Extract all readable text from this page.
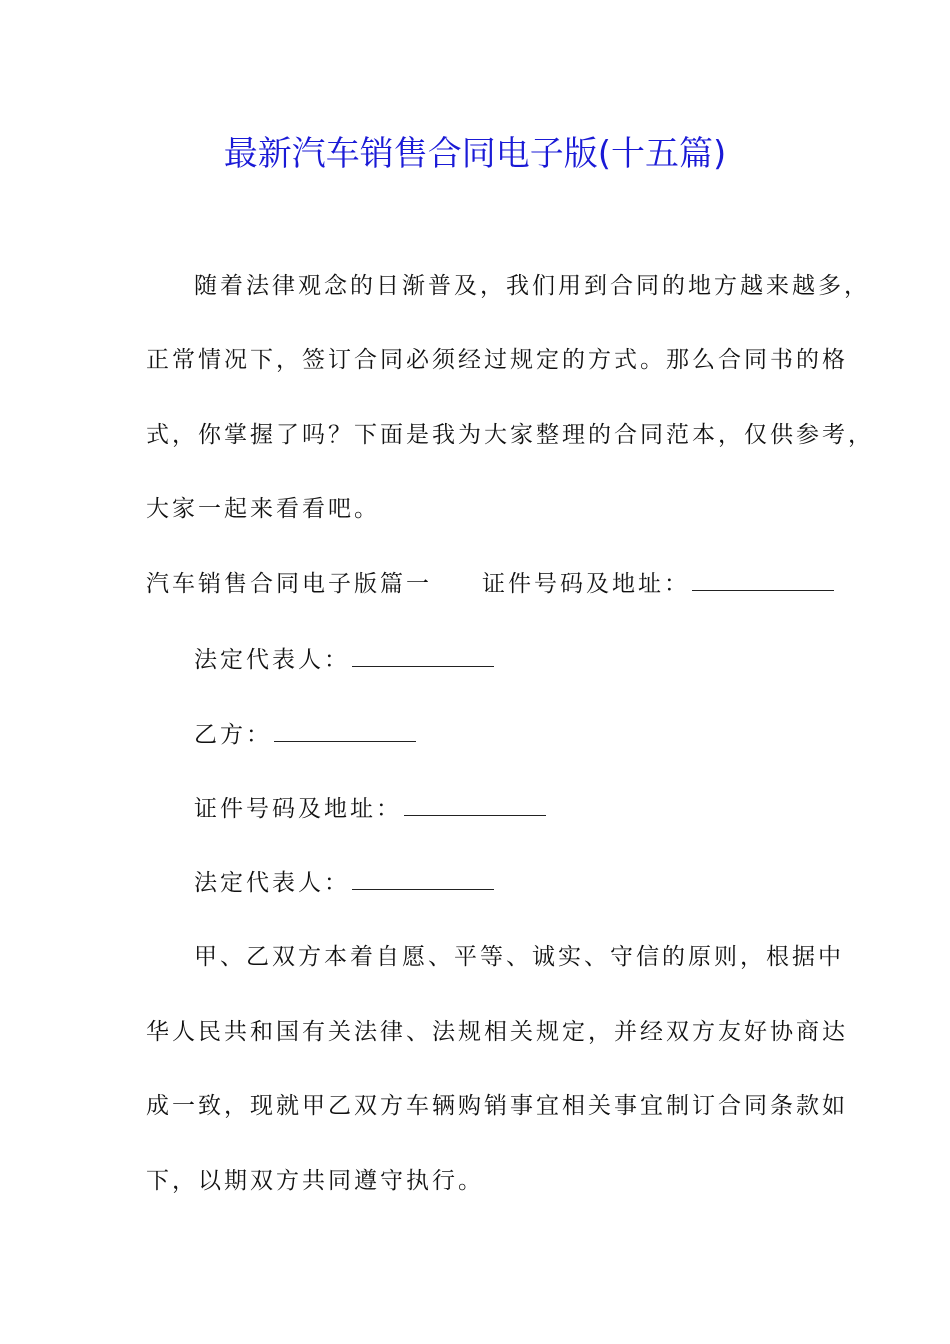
最新汽车销售合同电子版(十五篇)
随着法律观念的日渐普及，我们用到合同的地方越来越多，
正常情况下，签订合同必须经过规定的方式。那么合同书的格
式，你掌握了吗？下面是我为大家整理的合同范本，仅供参考，
大家一起来看看吧。
汽车销售合同电子版篇一 证件号码及地址：
法定代表人：
乙方：
证件号码及地址：
法定代表人：
甲、乙双方本着自愿、平等、诚实、守信的原则，根据中
华人民共和国有关法律、法规相关规定，并经双方友好协商达
成一致，现就甲乙双方车辆购销事宜相关事宜制订合同条款如
下，以期双方共同遵守执行。
